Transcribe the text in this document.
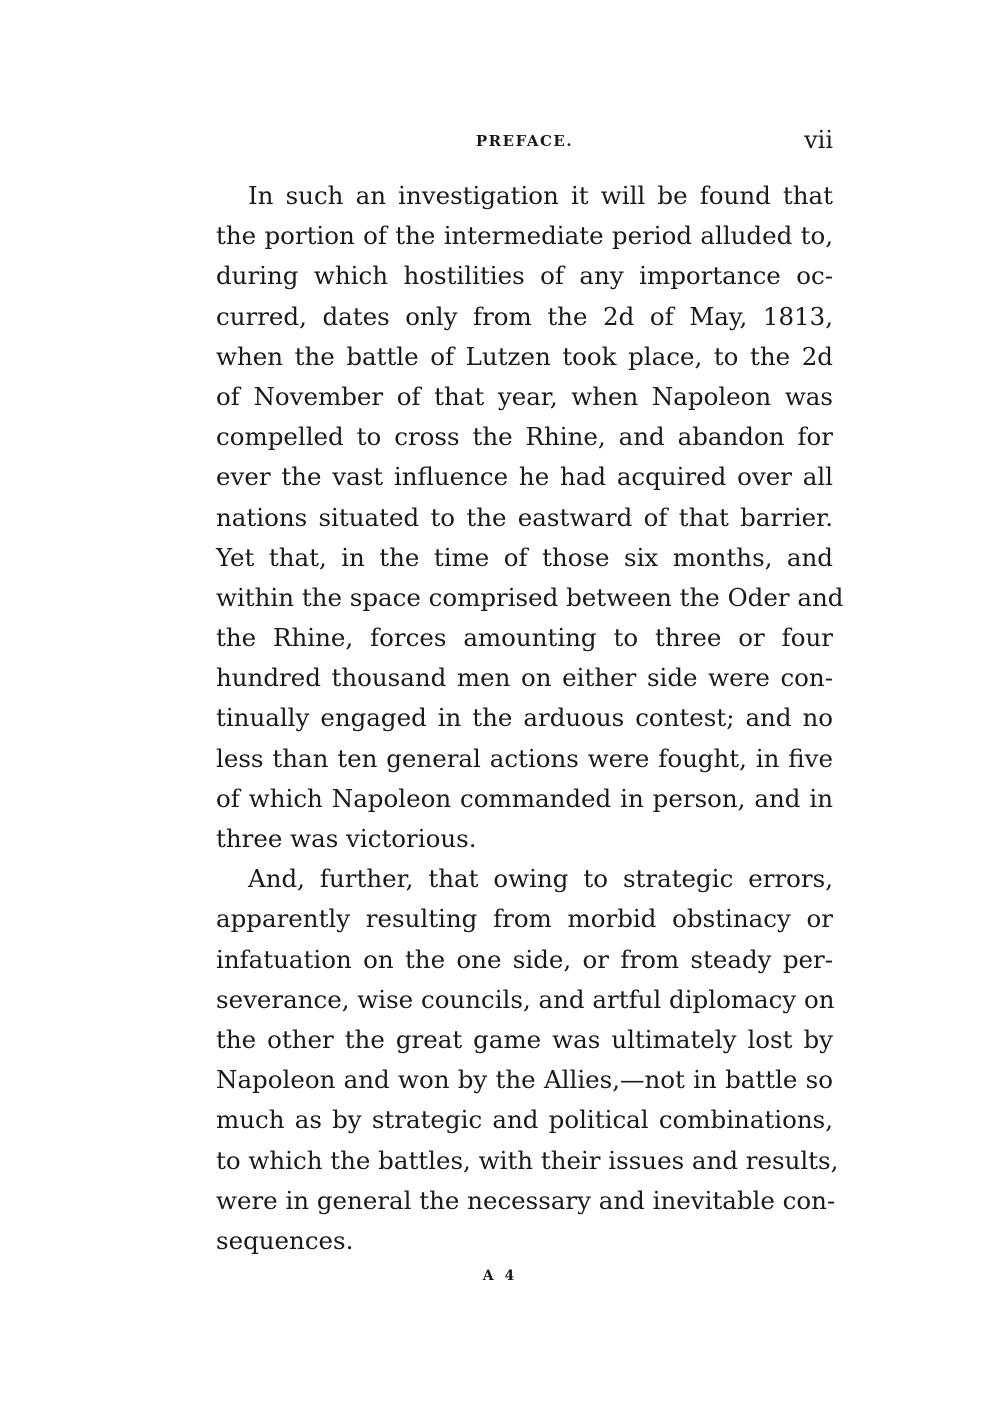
PREFACE.	vii
In such an investigation it will be found that
the portion of the intermediate period alluded to,
during which hostilities of any importance oc-
curred, dates only from the 2d of May, 1813,
when the battle of Lutzen took place, to the 2d
of November of that year, when Napoleon was
compelled to cross the Rhine, and abandon for
ever the vast influence he had acquired over all
nations situated to the eastward of that barrier.
Yet that, in the time of those six months, and
within the space comprised between the Oder and
the Rhine, forces amounting to three or four
hundred thousand men on either side were con-
tinually engaged in the arduous contest; and no
less than ten general actions were fought, in five
of which Napoleon commanded in person, and in
three was victorious.
And, further, that owing to strategic errors,
apparently resulting from morbid obstinacy or
infatuation on the one side, or from steady per-
severance, wise councils, and artful diplomacy on
the other the great game was ultimately lost by
Napoleon and won by the Allies,—not in battle so
much as by strategic and political combinations,
to which the battles, with their issues and results,
were in general the necessary and inevitable con-
sequences.
A 4
